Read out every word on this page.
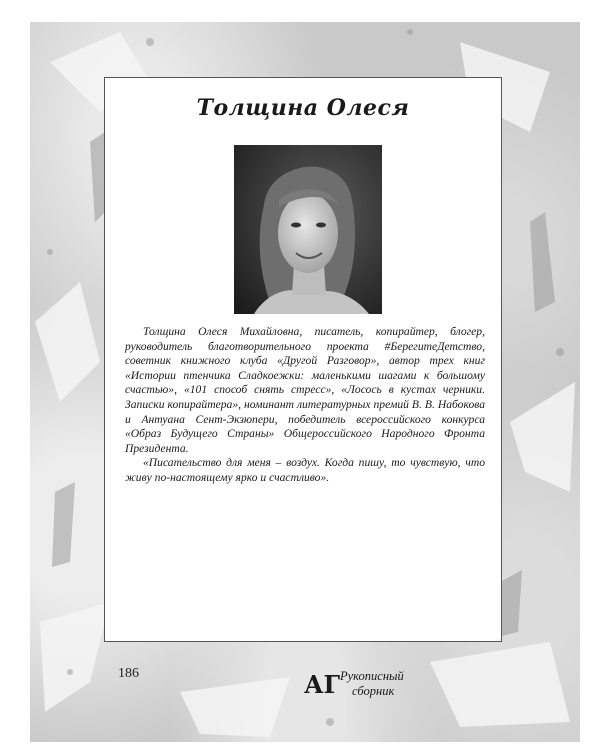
Толщина Олеся

Толщина Олеся Михайловна, писатель, копирайтер, блогер, руководитель благотворительного проекта #БерегитеДетство, советник книжного клуба «Другой Разговор», автор трех книг «Истории птенчика Сладкоежки: маленькими шагами к большому счастью», «101 способ снять стресс», «Лосось в кустах черники. Записки копирайтера», номинант литературных премий В. В. Набокова и Антуана Сент-Экзюпери, победитель всероссийского конкурса «Образ Будущего Страны» Общероссийского Народного Фронта Президента.

«Писательство для меня – воздух. Когда пишу, то чувствую, что живу по-настоящему ярко и счастливо».

186	АГ Рукописный
сборник
